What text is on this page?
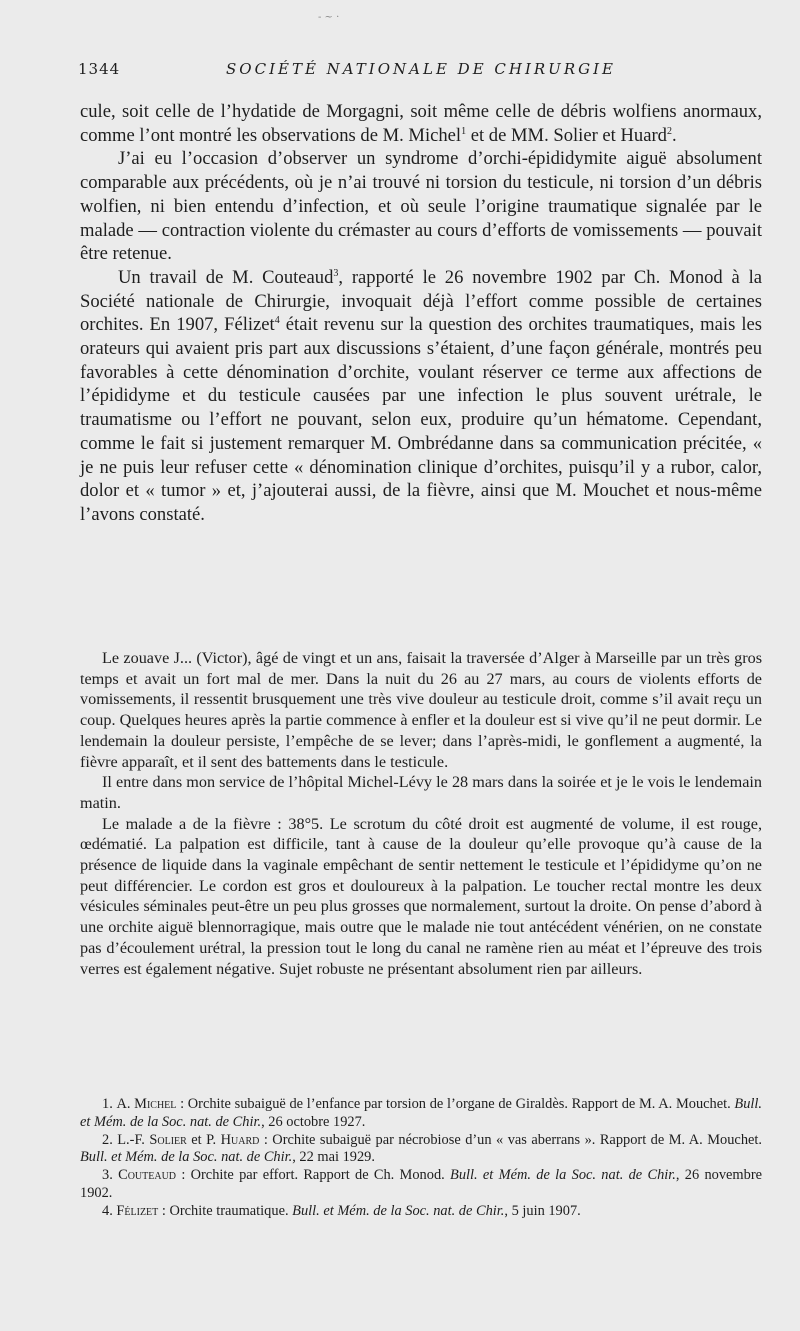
- ~ ·
1344	SOCIÉTÉ NATIONALE DE CHIRURGIE

cule, soit celle de l’hydatide de Morgagni, soit même celle de débris wolfiens anormaux, comme l’ont montré les observations de M. Michel$^1$ et de MM. Solier et Huard$^2$.

J’ai eu l’occasion d’observer un syndrome d’orchi-épididymite aiguë absolument comparable aux précédents, où je n’ai trouvé ni torsion du testicule, ni torsion d’un débris wolfien, ni bien entendu d’infection, et où seule l’origine traumatique signalée par le malade — contraction violente du crémaster au cours d’efforts de vomissements — pouvait être retenue.

Un travail de M. Couteaud$^3$, rapporté le 26 novembre 1902 par Ch. Monod à la Société nationale de Chirurgie, invoquait déjà l’effort comme possible de certaines orchites. En 1907, Félizet$^4$ était revenu sur la question des orchites traumatiques, mais les orateurs qui avaient pris part aux discussions s’étaient, d’une façon générale, montrés peu favorables à cette dénomination d’orchite, voulant réserver ce terme aux affections de l’épididyme et du testicule causées par une infection le plus souvent urétrale, le traumatisme ou l’effort ne pouvant, selon eux, produire qu’un hématome. Cependant, comme le fait si justement remarquer M. Ombrédanne dans sa communication précitée, « je ne puis leur refuser cette « dénomination clinique d’orchites, puisqu’il y a rubor, calor, dolor et « tumor » et, j’ajouterai aussi, de la fièvre, ainsi que M. Mouchet et nous-même l’avons constaté.

Le zouave J... (Victor), âgé de vingt et un ans, faisait la traversée d’Alger à Marseille par un très gros temps et avait un fort mal de mer. Dans la nuit du 26 au 27 mars, au cours de violents efforts de vomissements, il ressentit brusquement une très vive douleur au testicule droit, comme s’il avait reçu un coup. Quelques heures après la partie commence à enfler et la douleur est si vive qu’il ne peut dormir. Le lendemain la douleur persiste, l’empêche de se lever; dans l’après-midi, le gonflement a augmenté, la fièvre apparaît, et il sent des battements dans le testicule.

Il entre dans mon service de l’hôpital Michel-Lévy le 28 mars dans la soirée et je le vois le lendemain matin.

Le malade a de la fièvre : 38°5. Le scrotum du côté droit est augmenté de volume, il est rouge, œdématié. La palpation est difficile, tant à cause de la douleur qu’elle provoque qu’à cause de la présence de liquide dans la vaginale empêchant de sentir nettement le testicule et l’épididyme qu’on ne peut différencier. Le cordon est gros et douloureux à la palpation. Le toucher rectal montre les deux vésicules séminales peut-être un peu plus grosses que normalement, surtout la droite. On pense d’abord à une orchite aiguë blennorragique, mais outre que le malade nie tout antécédent vénérien, on ne constate pas d’écoulement urétral, la pression tout le long du canal ne ramène rien au méat et l’épreuve des trois verres est également négative. Sujet robuste ne présentant absolument rien par ailleurs.

1. A. Michel : Orchite subaiguë de l’enfance par torsion de l’organe de Giraldès. Rapport de M. A. Mouchet. Bull. et Mém. de la Soc. nat. de Chir., 26 octobre 1927.

2. L.-F. Solier et P. Huard : Orchite subaiguë par nécrobiose d’un « vas aberrans ». Rapport de M. A. Mouchet. Bull. et Mém. de la Soc. nat. de Chir., 22 mai 1929.

3. Couteaud : Orchite par effort. Rapport de Ch. Monod. Bull. et Mém. de la Soc. nat. de Chir., 26 novembre 1902.

4. Félizet : Orchite traumatique. Bull. et Mém. de la Soc. nat. de Chir., 5 juin 1907.
